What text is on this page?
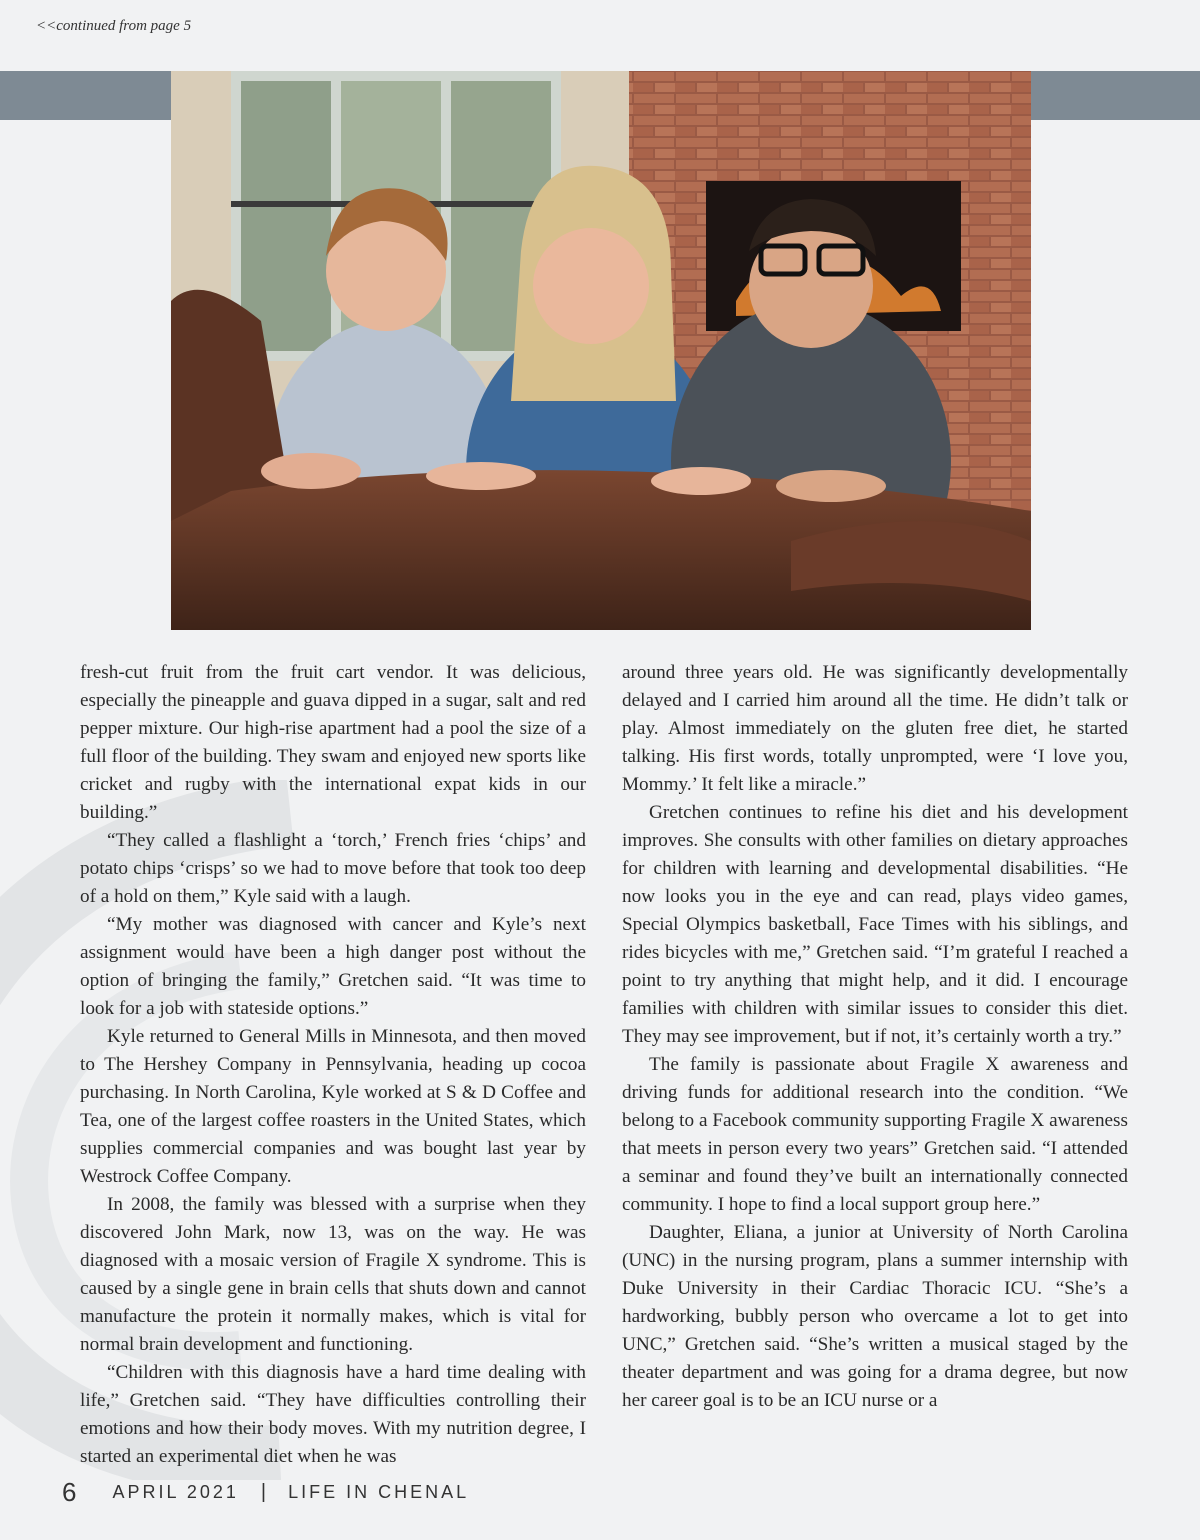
<<continued from page 5

fresh-cut fruit from the fruit cart vendor. It was delicious, especially the pineapple and guava dipped in a sugar, salt and red pepper mixture. Our high-rise apartment had a pool the size of a full floor of the building. They swam and enjoyed new sports like cricket and rugby with the international expat kids in our building.”

“They called a flashlight a ‘torch,’ French fries ‘chips’ and potato chips ‘crisps’ so we had to move before that took too deep of a hold on them,” Kyle said with a laugh.

“My mother was diagnosed with cancer and Kyle’s next assignment would have been a high danger post without the option of bringing the family,” Gretchen said. “It was time to look for a job with stateside options.”

Kyle returned to General Mills in Minnesota, and then moved to The Hershey Company in Pennsylvania, heading up cocoa purchasing. In North Carolina, Kyle worked at S & D Coffee and Tea, one of the largest coffee roasters in the United States, which supplies commercial companies and was bought last year by Westrock Coffee Company.

In 2008, the family was blessed with a surprise when they discovered John Mark, now 13, was on the way. He was diagnosed with a mosaic version of Fragile X syndrome. This is caused by a single gene in brain cells that shuts down and cannot manufacture the protein it normally makes, which is vital for normal brain development and functioning.

“Children with this diagnosis have a hard time dealing with life,” Gretchen said. “They have difficulties controlling their emotions and how their body moves. With my nutrition degree, I started an experimental diet when he was

around three years old. He was significantly developmentally delayed and I carried him around all the time. He didn’t talk or play. Almost immediately on the gluten free diet, he started talking. His first words, totally unprompted, were ‘I love you, Mommy.’ It felt like a miracle.”

Gretchen continues to refine his diet and his development improves. She consults with other families on dietary approaches for children with learning and developmental disabilities. “He now looks you in the eye and can read, plays video games, Special Olympics basketball, Face Times with his siblings, and rides bicycles with me,” Gretchen said. “I’m grateful I reached a point to try anything that might help, and it did. I encourage families with children with similar issues to consider this diet. They may see improvement, but if not, it’s certainly worth a try.”

The family is passionate about Fragile X awareness and driving funds for additional research into the condition. “We belong to a Facebook community supporting Fragile X awareness that meets in person every two years” Gretchen said. “I attended a seminar and found they’ve built an internationally connected community. I hope to find a local support group here.”

Daughter, Eliana, a junior at University of North Carolina (UNC) in the nursing program, plans a summer internship with Duke University in their Cardiac Thoracic ICU. “She’s a hardworking, bubbly person who overcame a lot to get into UNC,” Gretchen said. “She’s written a musical staged by the theater department and was going for a drama degree, but now her career goal is to be an ICU nurse or a

6 APRIL 2021 | LIFE IN CHENAL
